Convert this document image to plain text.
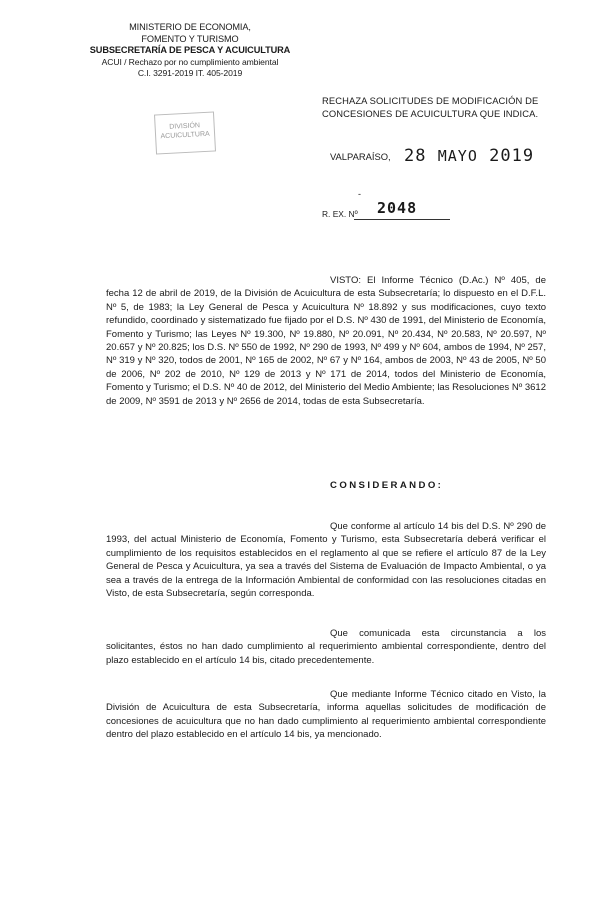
MINISTERIO DE ECONOMIA,
FOMENTO Y TURISMO
SUBSECRETARÍA DE PESCA Y ACUICULTURA
ACUI / Rechazo por no cumplimiento ambiental
C.I. 3291-2019 IT. 405-2019
DIVISIÓN
ACUICULTURA
RECHAZA SOLICITUDES DE MODIFICACIÓN DE CONCESIONES DE ACUICULTURA QUE INDICA.
VALPARAÍSO, 28 MAYO 2019
-
R. EX. Nº 2048
VISTO: El Informe Técnico (D.Ac.) Nº 405, de fecha 12 de abril de 2019, de la División de Acuicultura de esta Subsecretaría; lo dispuesto en el D.F.L. Nº 5, de 1983; la Ley General de Pesca y Acuicultura Nº 18.892 y sus modificaciones, cuyo texto refundido, coordinado y sistematizado fue fijado por el D.S. Nº 430 de 1991, del Ministerio de Economía, Fomento y Turismo; las Leyes Nº 19.300, Nº 19.880, Nº 20.091, Nº 20.434, Nº 20.583, Nº 20.597, Nº 20.657 y Nº 20.825; los D.S. Nº 550 de 1992, Nº 290 de 1993, Nº 499 y Nº 604, ambos de 1994, Nº 257, Nº 319 y Nº 320, todos de 2001, Nº 165 de 2002, Nº 67 y Nº 164, ambos de 2003, Nº 43 de 2005, Nº 50 de 2006, Nº 202 de 2010, Nº 129 de 2013 y Nº 171 de 2014, todos del Ministerio de Economía, Fomento y Turismo; el D.S. Nº 40 de 2012, del Ministerio del Medio Ambiente; las Resoluciones Nº 3612 de 2009, Nº 3591 de 2013 y Nº 2656 de 2014, todas de esta Subsecretaría.
CONSIDERANDO:
Que conforme al artículo 14 bis del D.S. Nº 290 de 1993, del actual Ministerio de Economía, Fomento y Turismo, esta Subsecretaría deberá verificar el cumplimiento de los requisitos establecidos en el reglamento al que se refiere el artículo 87 de la Ley General de Pesca y Acuicultura, ya sea a través del Sistema de Evaluación de Impacto Ambiental, o ya sea a través de la entrega de la Información Ambiental de conformidad con las resoluciones citadas en Visto, de esta Subsecretaría, según corresponda.
Que comunicada esta circunstancia a los solicitantes, éstos no han dado cumplimiento al requerimiento ambiental correspondiente, dentro del plazo establecido en el artículo 14 bis, citado precedentemente.
Que mediante Informe Técnico citado en Visto, la División de Acuicultura de esta Subsecretaría, informa aquellas solicitudes de modificación de concesiones de acuicultura que no han dado cumplimiento al requerimiento ambiental correspondiente dentro del plazo establecido en el artículo 14 bis, ya mencionado.
